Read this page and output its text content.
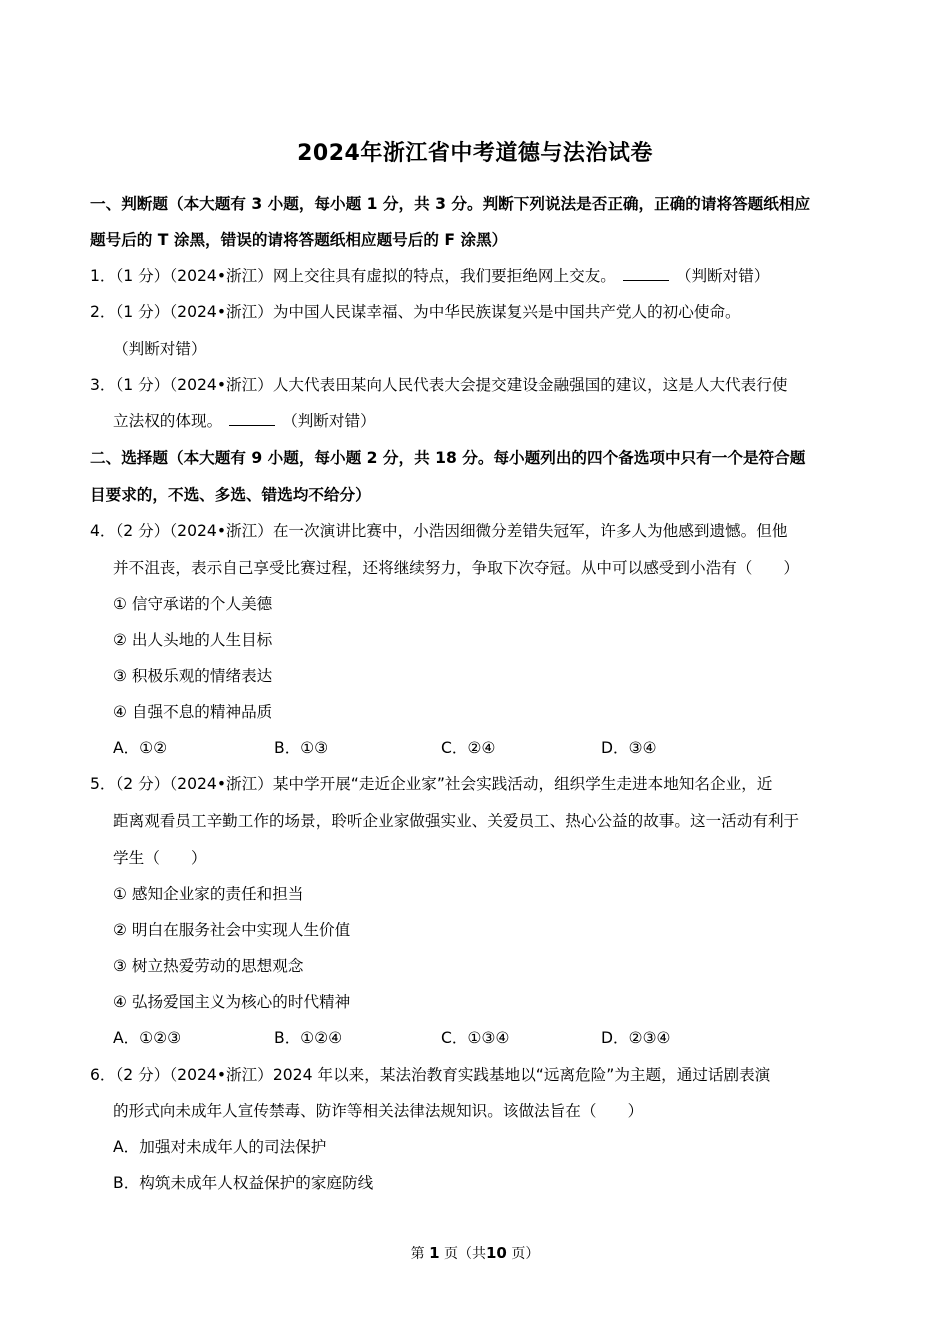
2024年浙江省中考道德与法治试卷
一、判断题（本大题有 3 小题，每小题 1 分，共 3 分。判断下列说法是否正确，正确的请将答题纸相应
题号后的 T 涂黑，错误的请将答题纸相应题号后的 F 涂黑）
1．（1 分）（2024•浙江）网上交往具有虚拟的特点，我们要拒绝网上交友。	（判断对错）
2．（1 分）（2024•浙江）为中国人民谋幸福、为中华民族谋复兴是中国共产党人的初心使命。
（判断对错）
3．（1 分）（2024•浙江）人大代表田某向人民代表大会提交建设金融强国的建议，这是人大代表行使
立法权的体现。	（判断对错）
二、选择题（本大题有 9 小题，每小题 2 分，共 18 分。每小题列出的四个备选项中只有一个是符合题
目要求的，不选、多选、错选均不给分）
4．（2 分）（2024•浙江）在一次演讲比赛中，小浩因细微分差错失冠军，许多人为他感到遗憾。但他
并不沮丧，表示自己享受比赛过程，还将继续努力，争取下次夺冠。从中可以感受到小浩有（　　）
① 信守承诺的个人美德
② 出人头地的人生目标
③ 积极乐观的情绪表达
④ 自强不息的精神品质
A．①②	B．①③	C．②④	D．③④
5．（2 分）（2024•浙江）某中学开展“走近企业家”社会实践活动，组织学生走进本地知名企业，近
距离观看员工辛勤工作的场景，聆听企业家做强实业、关爱员工、热心公益的故事。这一活动有利于
学生（　　）
① 感知企业家的责任和担当
② 明白在服务社会中实现人生价值
③ 树立热爱劳动的思想观念
④ 弘扬爱国主义为核心的时代精神
A．①②③	B．①②④	C．①③④	D．②③④
6．（2 分）（2024•浙江）2024 年以来，某法治教育实践基地以“远离危险”为主题，通过话剧表演
的形式向未成年人宣传禁毒、防诈等相关法律法规知识。该做法旨在（　　）
A．加强对未成年人的司法保护
B．构筑未成年人权益保护的家庭防线
第 1 页（共10 页）
